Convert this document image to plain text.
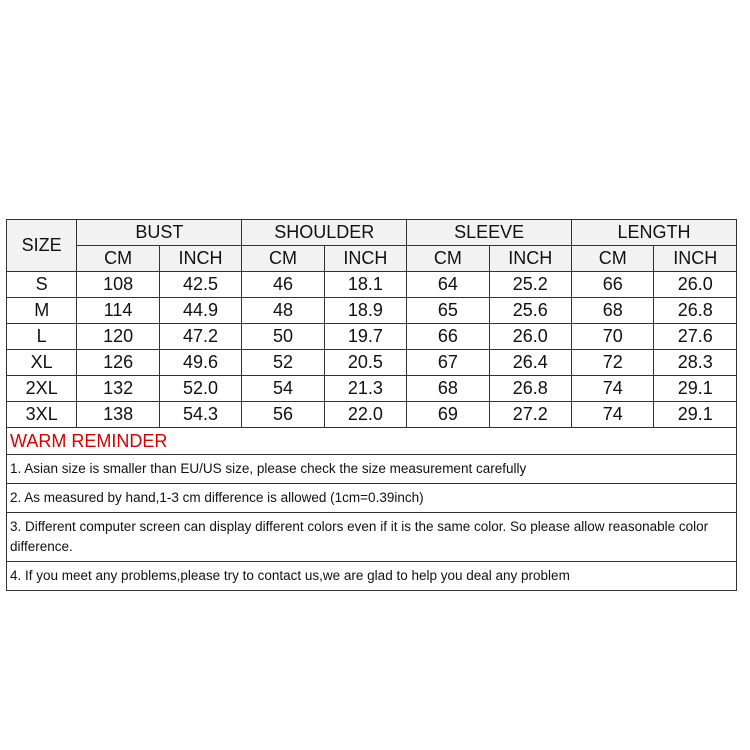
SIZE	BUST		SHOULDER		SLEEVE		LENGTH	
	CM	INCH	CM	INCH	CM	INCH	CM	INCH
S	108	42.5	46	18.1	64	25.2	66	26.0
M	114	44.9	48	18.9	65	25.6	68	26.8
L	120	47.2	50	19.7	66	26.0	70	27.6
XL	126	49.6	52	20.5	67	26.4	72	28.3
2XL	132	52.0	54	21.3	68	26.8	74	29.1
3XL	138	54.3	56	22.0	69	27.2	74	29.1
WARM REMINDER
1. Asian size is smaller than EU/US size, please check the size measurement carefully
2. As measured by hand,1-3 cm difference is allowed (1cm=0.39inch)
3. Different computer screen can display different colors even if it is the same color. So please allow reasonable color difference.
4. If you meet any problems,please try to contact us,we are glad to help you deal any problem
